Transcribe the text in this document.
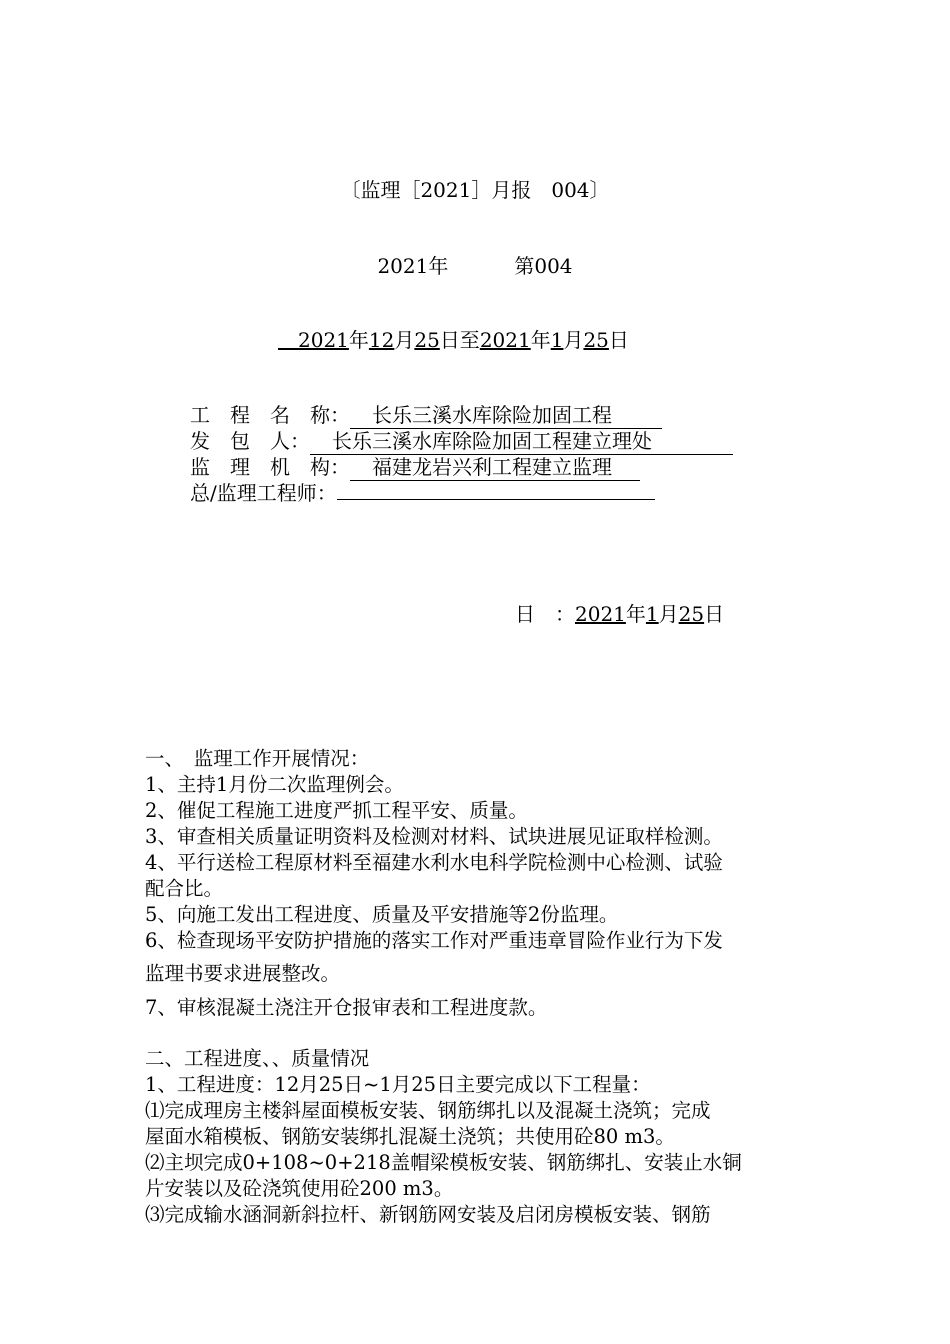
〔监理［2021］月报　004〕
2021年	第004
　2021年12月25日至2021年1月25日
工　程　名　称： 长乐三溪水库除险加固工程
发　包　人： 长乐三溪水库除险加固工程建立理处
监　理　机　构： 福建龙岩兴利工程建立监理
总/监理工程师：
日　：2021年1月25日
一、　监理工作开展情况：
1、主持1月份二次监理例会。
2、催促工程施工进度严抓工程平安、质量。
3、审查相关质量证明资料及检测对材料、试块进展见证取样检测。
4、平行送检工程原材料至福建水利水电科学院检测中心检测、试验
配合比。
5、向施工发出工程进度、质量及平安措施等2份监理。
6、检查现场平安防护措施的落实工作对严重违章冒险作业行为下发
监理书要求进展整改。
7、审核混凝土浇注开仓报审表和工程进度款。
二、工程进度、、质量情况
1、工程进度：12月25日~1月25日主要完成以下工程量：
⑴完成理房主楼斜屋面模板安装、钢筋绑扎以及混凝土浇筑；完成
屋面水箱模板、钢筋安装绑扎混凝土浇筑；共使用砼80 m3。
⑵主坝完成0+108~0+218盖帽梁模板安装、钢筋绑扎、安装止水铜
片安装以及砼浇筑使用砼200 m3。
⑶完成输水涵洞新斜拉杆、新钢筋网安装及启闭房模板安装、钢筋
